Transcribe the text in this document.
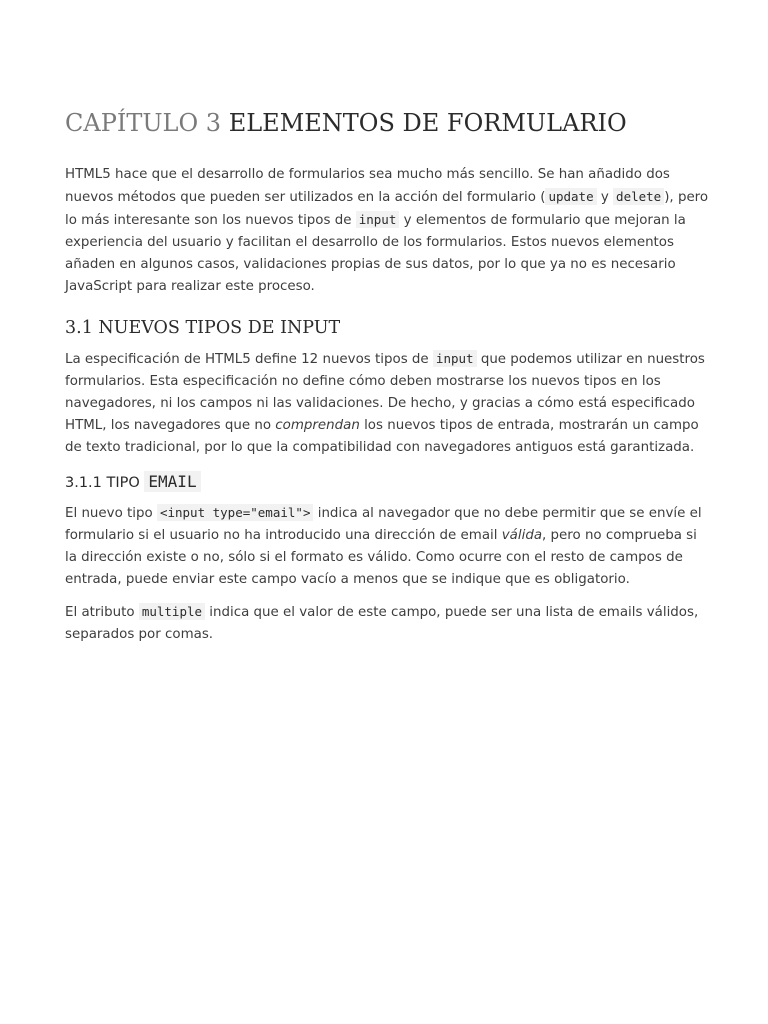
CAPÍTULO 3 ELEMENTOS DE FORMULARIO

HTML5 hace que el desarrollo de formularios sea mucho más sencillo. Se han añadido dos nuevos métodos que pueden ser utilizados en la acción del formulario ( update y delete ), pero lo más interesante son los nuevos tipos de input y elementos de formulario que mejoran la experiencia del usuario y facilitan el desarrollo de los formularios. Estos nuevos elementos añaden en algunos casos, validaciones propias de sus datos, por lo que ya no es necesario JavaScript para realizar este proceso.

3.1 NUEVOS TIPOS DE INPUT

La especificación de HTML5 define 12 nuevos tipos de input que podemos utilizar en nuestros formularios. Esta especificación no define cómo deben mostrarse los nuevos tipos en los navegadores, ni los campos ni las validaciones. De hecho, y gracias a cómo está especificado HTML, los navegadores que no comprendan los nuevos tipos de entrada, mostrarán un campo de texto tradicional, por lo que la compatibilidad con navegadores antiguos está garantizada.

3.1.1 TIPO EMAIL

El nuevo tipo <input type="email"> indica al navegador que no debe permitir que se envíe el formulario si el usuario no ha introducido una dirección de email válida, pero no comprueba si la dirección existe o no, sólo si el formato es válido. Como ocurre con el resto de campos de entrada, puede enviar este campo vacío a menos que se indique que es obligatorio.

El atributo multiple indica que el valor de este campo, puede ser una lista de emails válidos, separados por comas.
